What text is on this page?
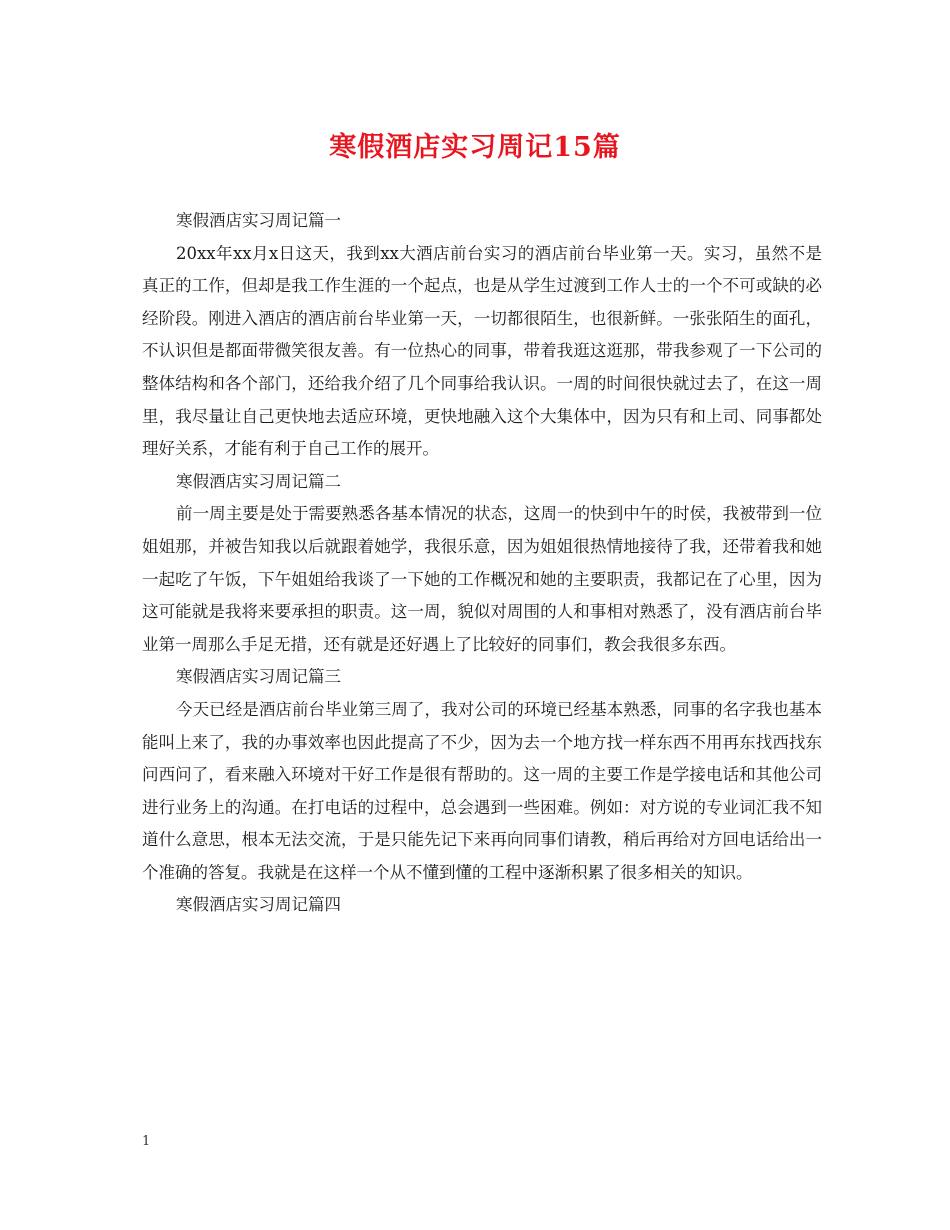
寒假酒店实习周记15篇

寒假酒店实习周记篇一

20xx年xx月x日这天，我到xx大酒店前台实习的酒店前台毕业第一天。实习，虽然不是真正的工作，但却是我工作生涯的一个起点，也是从学生过渡到工作人士的一个不可或缺的必经阶段。刚进入酒店的酒店前台毕业第一天，一切都很陌生，也很新鲜。一张张陌生的面孔，不认识但是都面带微笑很友善。有一位热心的同事，带着我逛这逛那，带我参观了一下公司的整体结构和各个部门，还给我介绍了几个同事给我认识。一周的时间很快就过去了，在这一周里，我尽量让自己更快地去适应环境，更快地融入这个大集体中，因为只有和上司、同事都处理好关系，才能有利于自己工作的展开。

寒假酒店实习周记篇二

前一周主要是处于需要熟悉各基本情况的状态，这周一的快到中午的时侯，我被带到一位姐姐那，并被告知我以后就跟着她学，我很乐意，因为姐姐很热情地接待了我，还带着我和她一起吃了午饭，下午姐姐给我谈了一下她的工作概况和她的主要职责，我都记在了心里，因为这可能就是我将来要承担的职责。这一周，貌似对周围的人和事相对熟悉了，没有酒店前台毕业第一周那么手足无措，还有就是还好遇上了比较好的同事们，教会我很多东西。

寒假酒店实习周记篇三

今天已经是酒店前台毕业第三周了，我对公司的环境已经基本熟悉，同事的名字我也基本能叫上来了，我的办事效率也因此提高了不少，因为去一个地方找一样东西不用再东找西找东问西问了，看来融入环境对干好工作是很有帮助的。这一周的主要工作是学接电话和其他公司进行业务上的沟通。在打电话的过程中，总会遇到一些困难。例如：对方说的专业词汇我不知道什么意思，根本无法交流，于是只能先记下来再向同事们请教，稍后再给对方回电话给出一个准确的答复。我就是在这样一个从不懂到懂的工程中逐渐积累了很多相关的知识。

寒假酒店实习周记篇四

1
